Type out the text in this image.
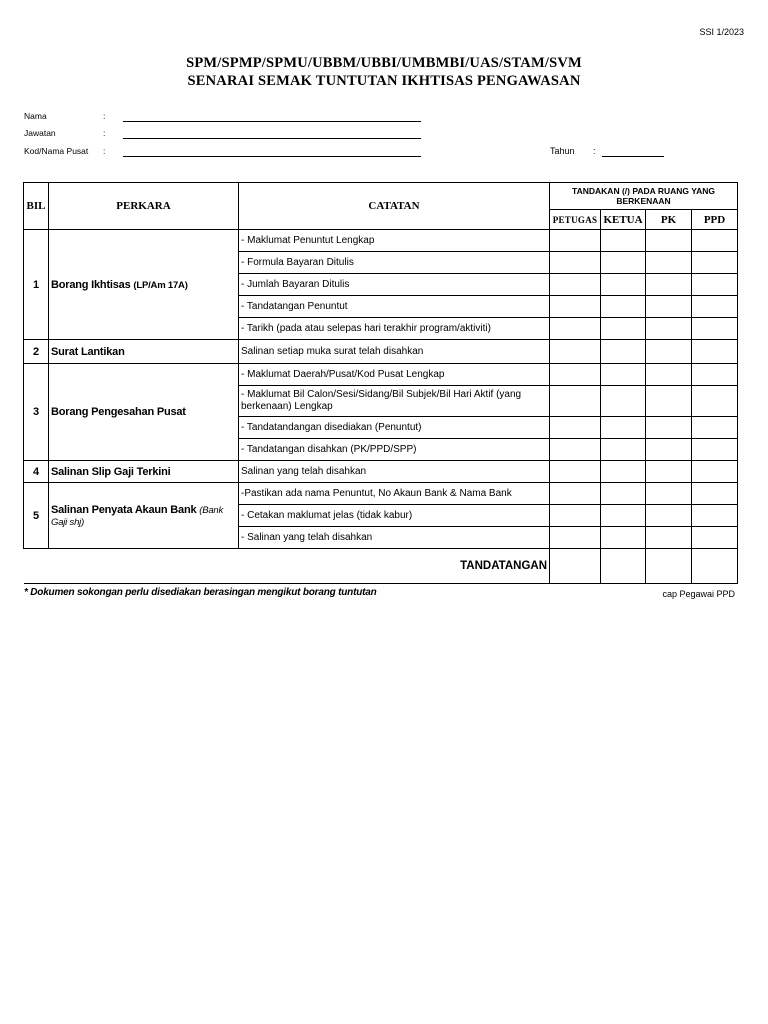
SSI 1/2023
SPM/SPMP/SPMU/UBBM/UBBI/UMBMBI/UAS/STAM/SVM
SENARAI SEMAK TUNTUTAN IKHTISAS PENGAWASAN
Nama	:
Jawatan	:
Kod/Nama Pusat :	Tahun :
BIL	PERKARA	CATATAN	TANDAKAN (/) PADA RUANG YANG BERKENAAN			
			PETUGAS	KETUA	PK	PPD
1	Borang Ikhtisas (LP/Am 17A)	- Maklumat Penuntut Lengkap				
		- Formula Bayaran Ditulis				
		- Jumlah Bayaran Ditulis				
		- Tandatangan Penuntut				
		- Tarikh (pada atau selepas hari terakhir program/aktiviti)				
2	Surat Lantikan	Salinan setiap muka surat telah disahkan				
3	Borang Pengesahan Pusat	- Maklumat Daerah/Pusat/Kod Pusat Lengkap				
		- Maklumat Bil Calon/Sesi/Sidang/Bil Subjek/Bil Hari Aktif (yang berkenaan) Lengkap				
		- Tandatandangan disediakan (Penuntut)				
		- Tandatangan disahkan (PK/PPD/SPP)				
4	Salinan Slip Gaji Terkini	Salinan yang telah disahkan				
5	Salinan Penyata Akaun Bank (Bank Gaji shj)	-Pastikan ada nama Penuntut, No Akaun Bank & Nama Bank				
		- Cetakan maklumat jelas (tidak kabur)				
		- Salinan yang telah disahkan				
TANDATANGAN						
* Dokumen sokongan perlu disediakan berasingan mengikut borang tuntutan	cap Pegawai PPD
